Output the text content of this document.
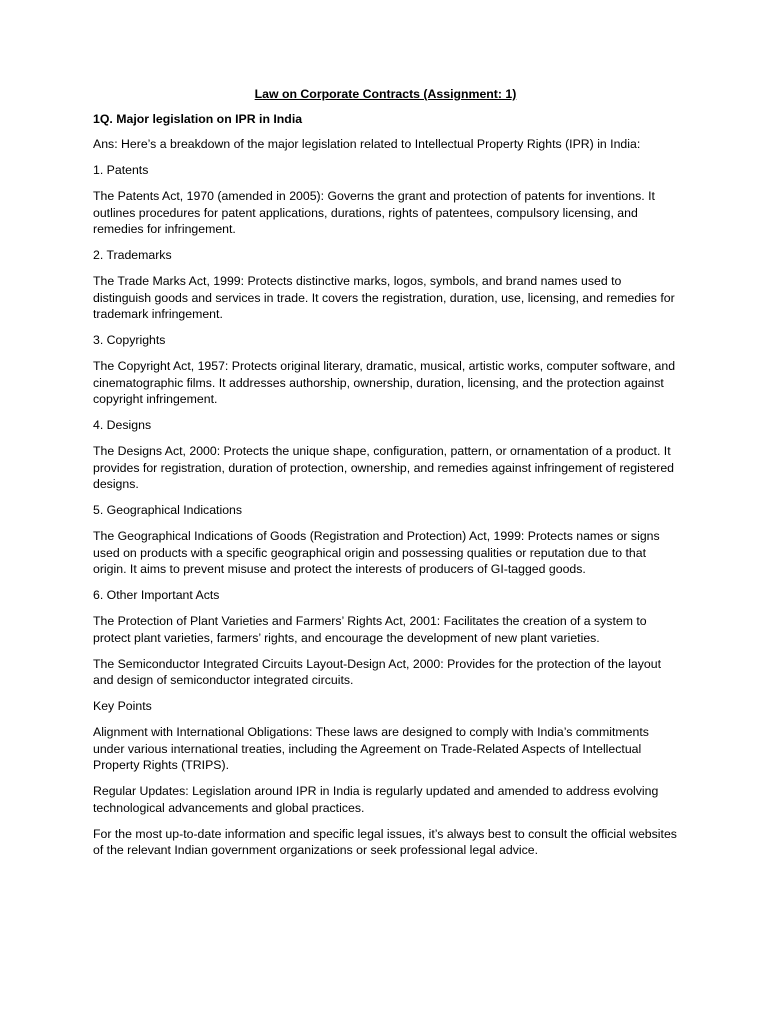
Law on Corporate Contracts (Assignment: 1)

1Q. Major legislation on IPR in India

Ans: Here’s a breakdown of the major legislation related to Intellectual Property Rights (IPR) in India:

1. Patents

The Patents Act, 1970 (amended in 2005): Governs the grant and protection of patents for inventions. It outlines procedures for patent applications, durations, rights of patentees, compulsory licensing, and remedies for infringement.

2. Trademarks

The Trade Marks Act, 1999: Protects distinctive marks, logos, symbols, and brand names used to distinguish goods and services in trade. It covers the registration, duration, use, licensing, and remedies for trademark infringement.

3. Copyrights

The Copyright Act, 1957: Protects original literary, dramatic, musical, artistic works, computer software, and cinematographic films. It addresses authorship, ownership, duration, licensing, and the protection against copyright infringement.

4. Designs

The Designs Act, 2000: Protects the unique shape, configuration, pattern, or ornamentation of a product. It provides for registration, duration of protection, ownership, and remedies against infringement of registered designs.

5. Geographical Indications

The Geographical Indications of Goods (Registration and Protection) Act, 1999: Protects names or signs used on products with a specific geographical origin and possessing qualities or reputation due to that origin. It aims to prevent misuse and protect the interests of producers of GI-tagged goods.

6. Other Important Acts

The Protection of Plant Varieties and Farmers’ Rights Act, 2001: Facilitates the creation of a system to protect plant varieties, farmers’ rights, and encourage the development of new plant varieties.

The Semiconductor Integrated Circuits Layout-Design Act, 2000: Provides for the protection of the layout and design of semiconductor integrated circuits.

Key Points

Alignment with International Obligations: These laws are designed to comply with India’s commitments under various international treaties, including the Agreement on Trade-Related Aspects of Intellectual Property Rights (TRIPS).

Regular Updates: Legislation around IPR in India is regularly updated and amended to address evolving technological advancements and global practices.

For the most up-to-date information and specific legal issues, it’s always best to consult the official websites of the relevant Indian government organizations or seek professional legal advice.
